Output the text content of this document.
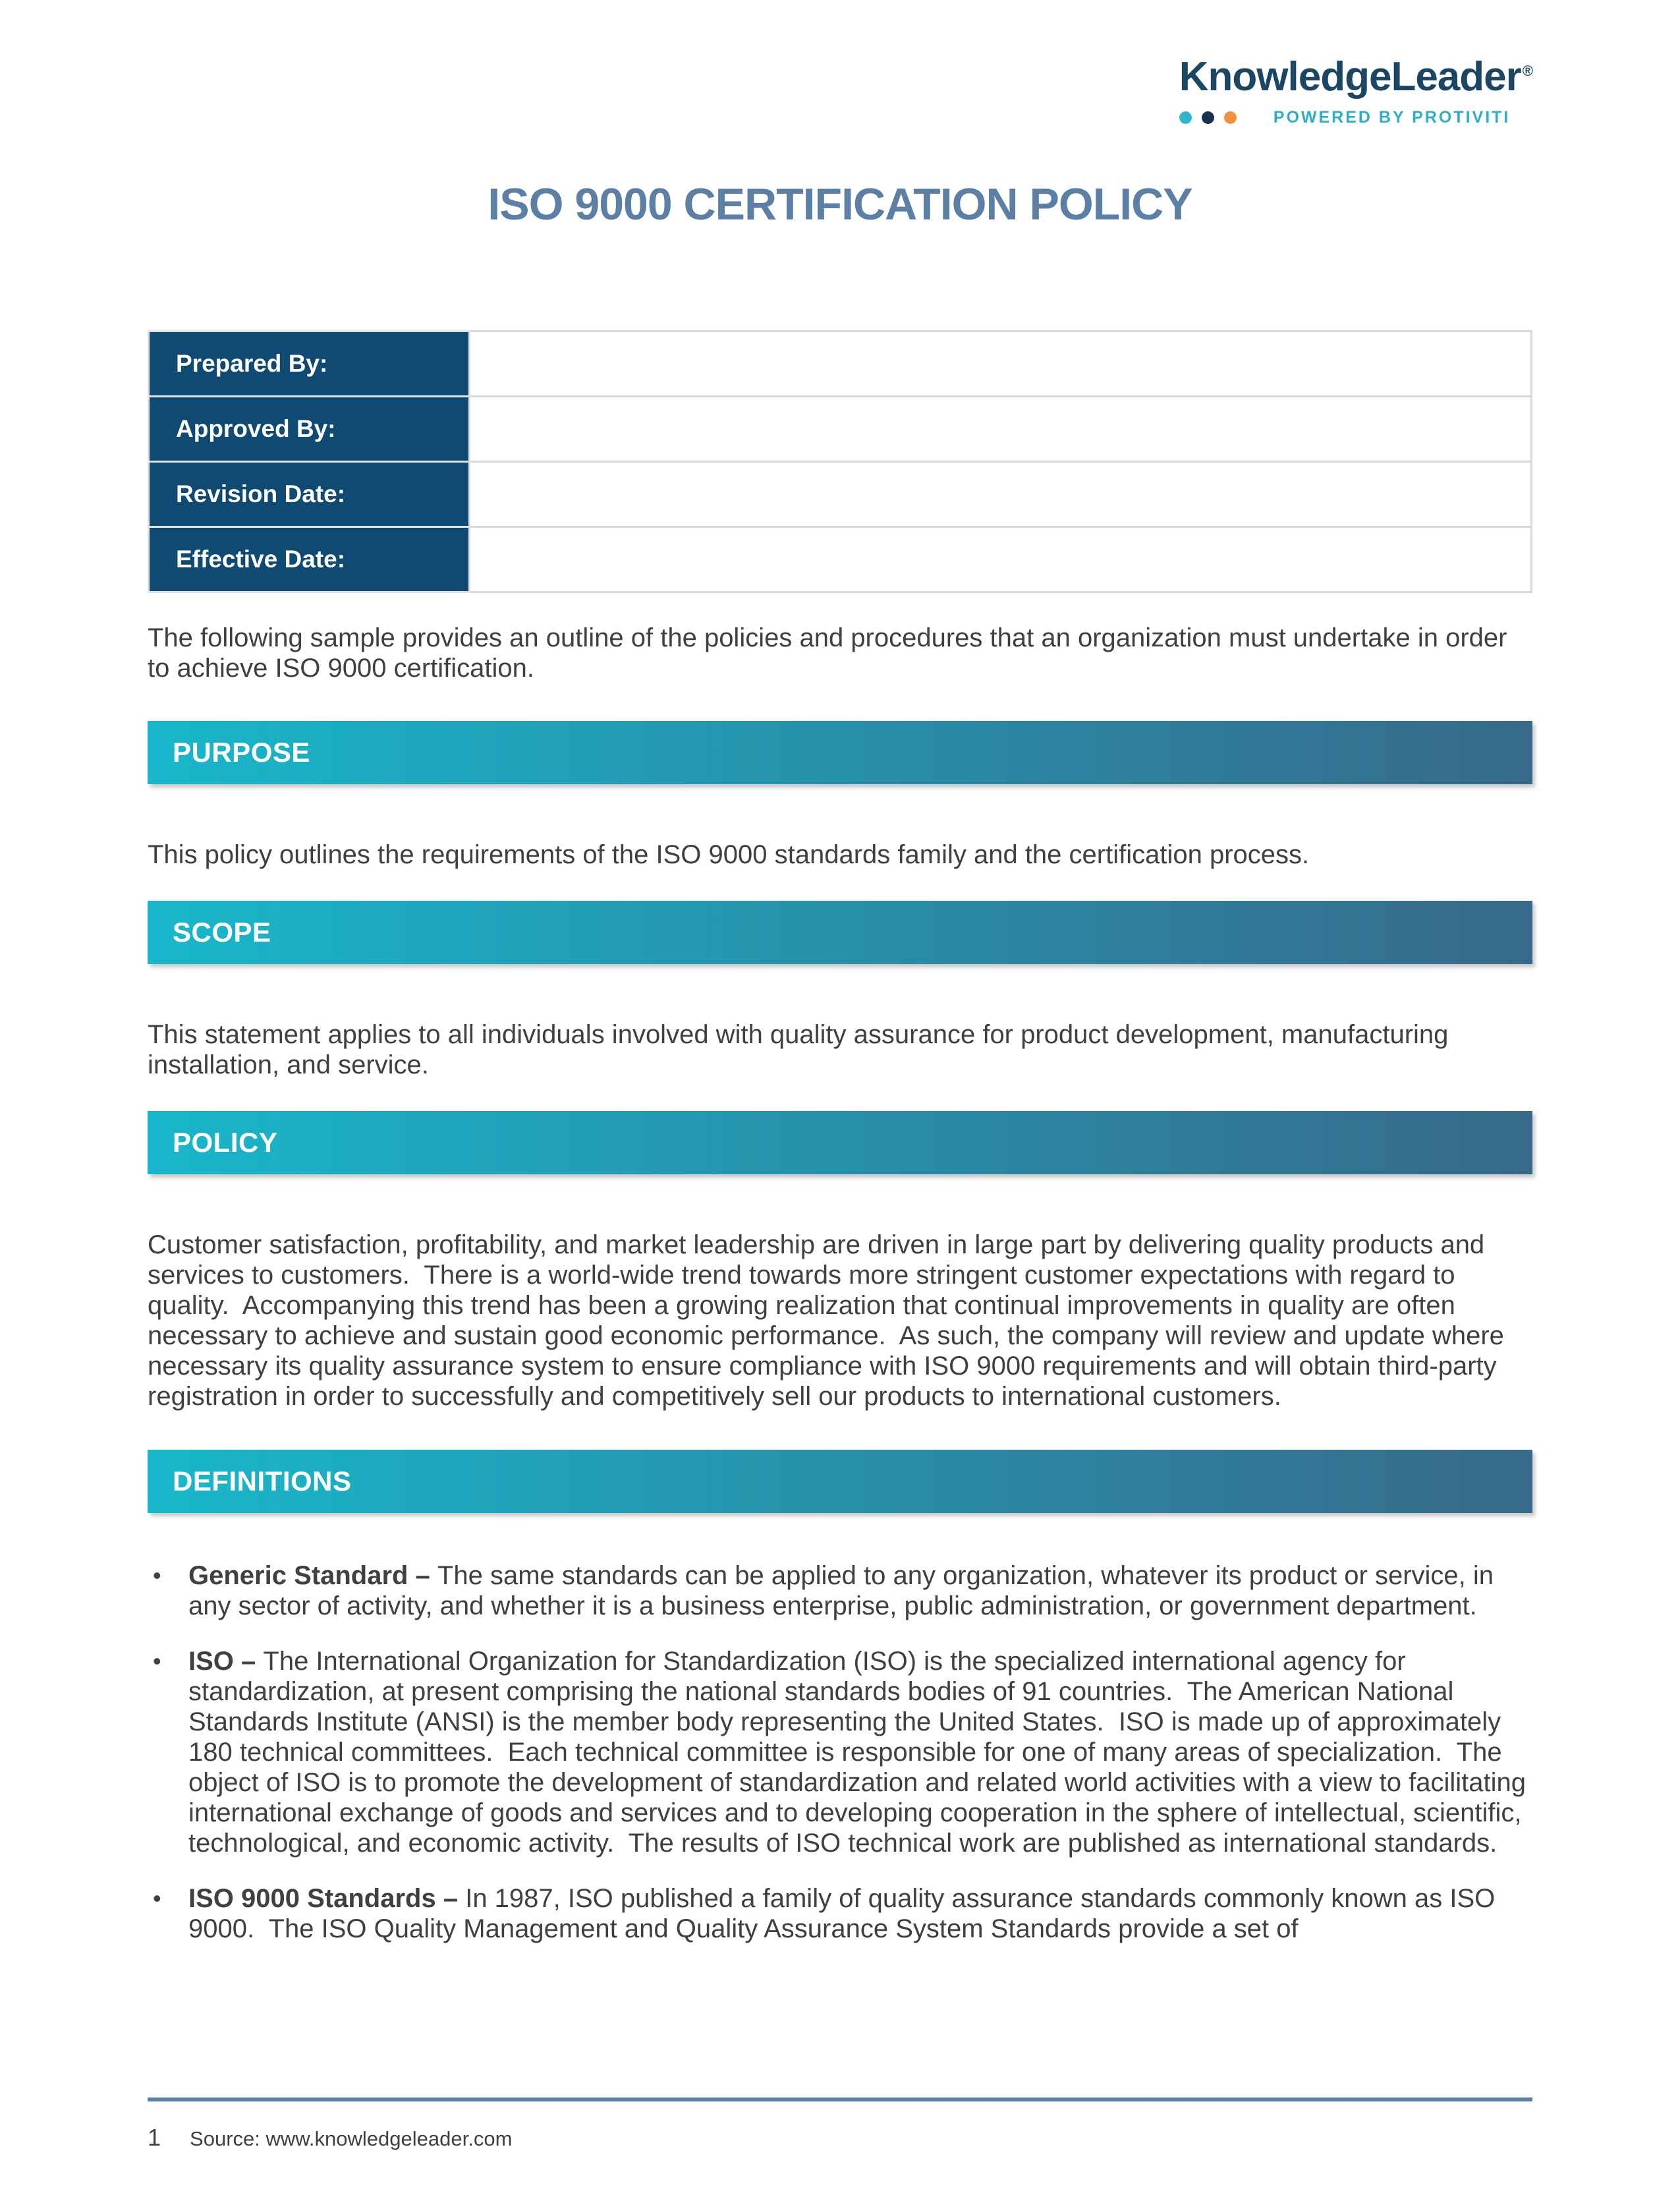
KnowledgeLeader®
POWERED BY PROTIVITI
ISO 9000 CERTIFICATION POLICY
Prepared By:	
Approved By:	
Revision Date:	
Effective Date:	

The following sample provides an outline of the policies and procedures that an organization must undertake in order to achieve ISO 9000 certification.

PURPOSE

This policy outlines the requirements of the ISO 9000 standards family and the certification process.

SCOPE

This statement applies to all individuals involved with quality assurance for product development, manufacturing installation, and service.

POLICY

Customer satisfaction, profitability, and market leadership are driven in large part by delivering quality products and services to customers.  There is a world-wide trend towards more stringent customer expectations with regard to quality.  Accompanying this trend has been a growing realization that continual improvements in quality are often necessary to achieve and sustain good economic performance.  As such, the company will review and update where necessary its quality assurance system to ensure compliance with ISO 9000 requirements and will obtain third-party registration in order to successfully and competitively sell our products to international customers.

DEFINITIONS
•	Generic Standard – The same standards can be applied to any organization, whatever its product or service, in any sector of activity, and whether it is a business enterprise, public administration, or government department.
•	ISO – The International Organization for Standardization (ISO) is the specialized international agency for standardization, at present comprising the national standards bodies of 91 countries.  The American National Standards Institute (ANSI) is the member body representing the United States.  ISO is made up of approximately 180 technical committees.  Each technical committee is responsible for one of many areas of specialization.  The object of ISO is to promote the development of standardization and related world activities with a view to facilitating international exchange of goods and services and to developing cooperation in the sphere of intellectual, scientific, technological, and economic activity.  The results of ISO technical work are published as international standards.
•	ISO 9000 Standards – In 1987, ISO published a family of quality assurance standards commonly known as ISO 9000.  The ISO Quality Management and Quality Assurance System Standards provide a set of
1 Source: www.knowledgeleader.com
